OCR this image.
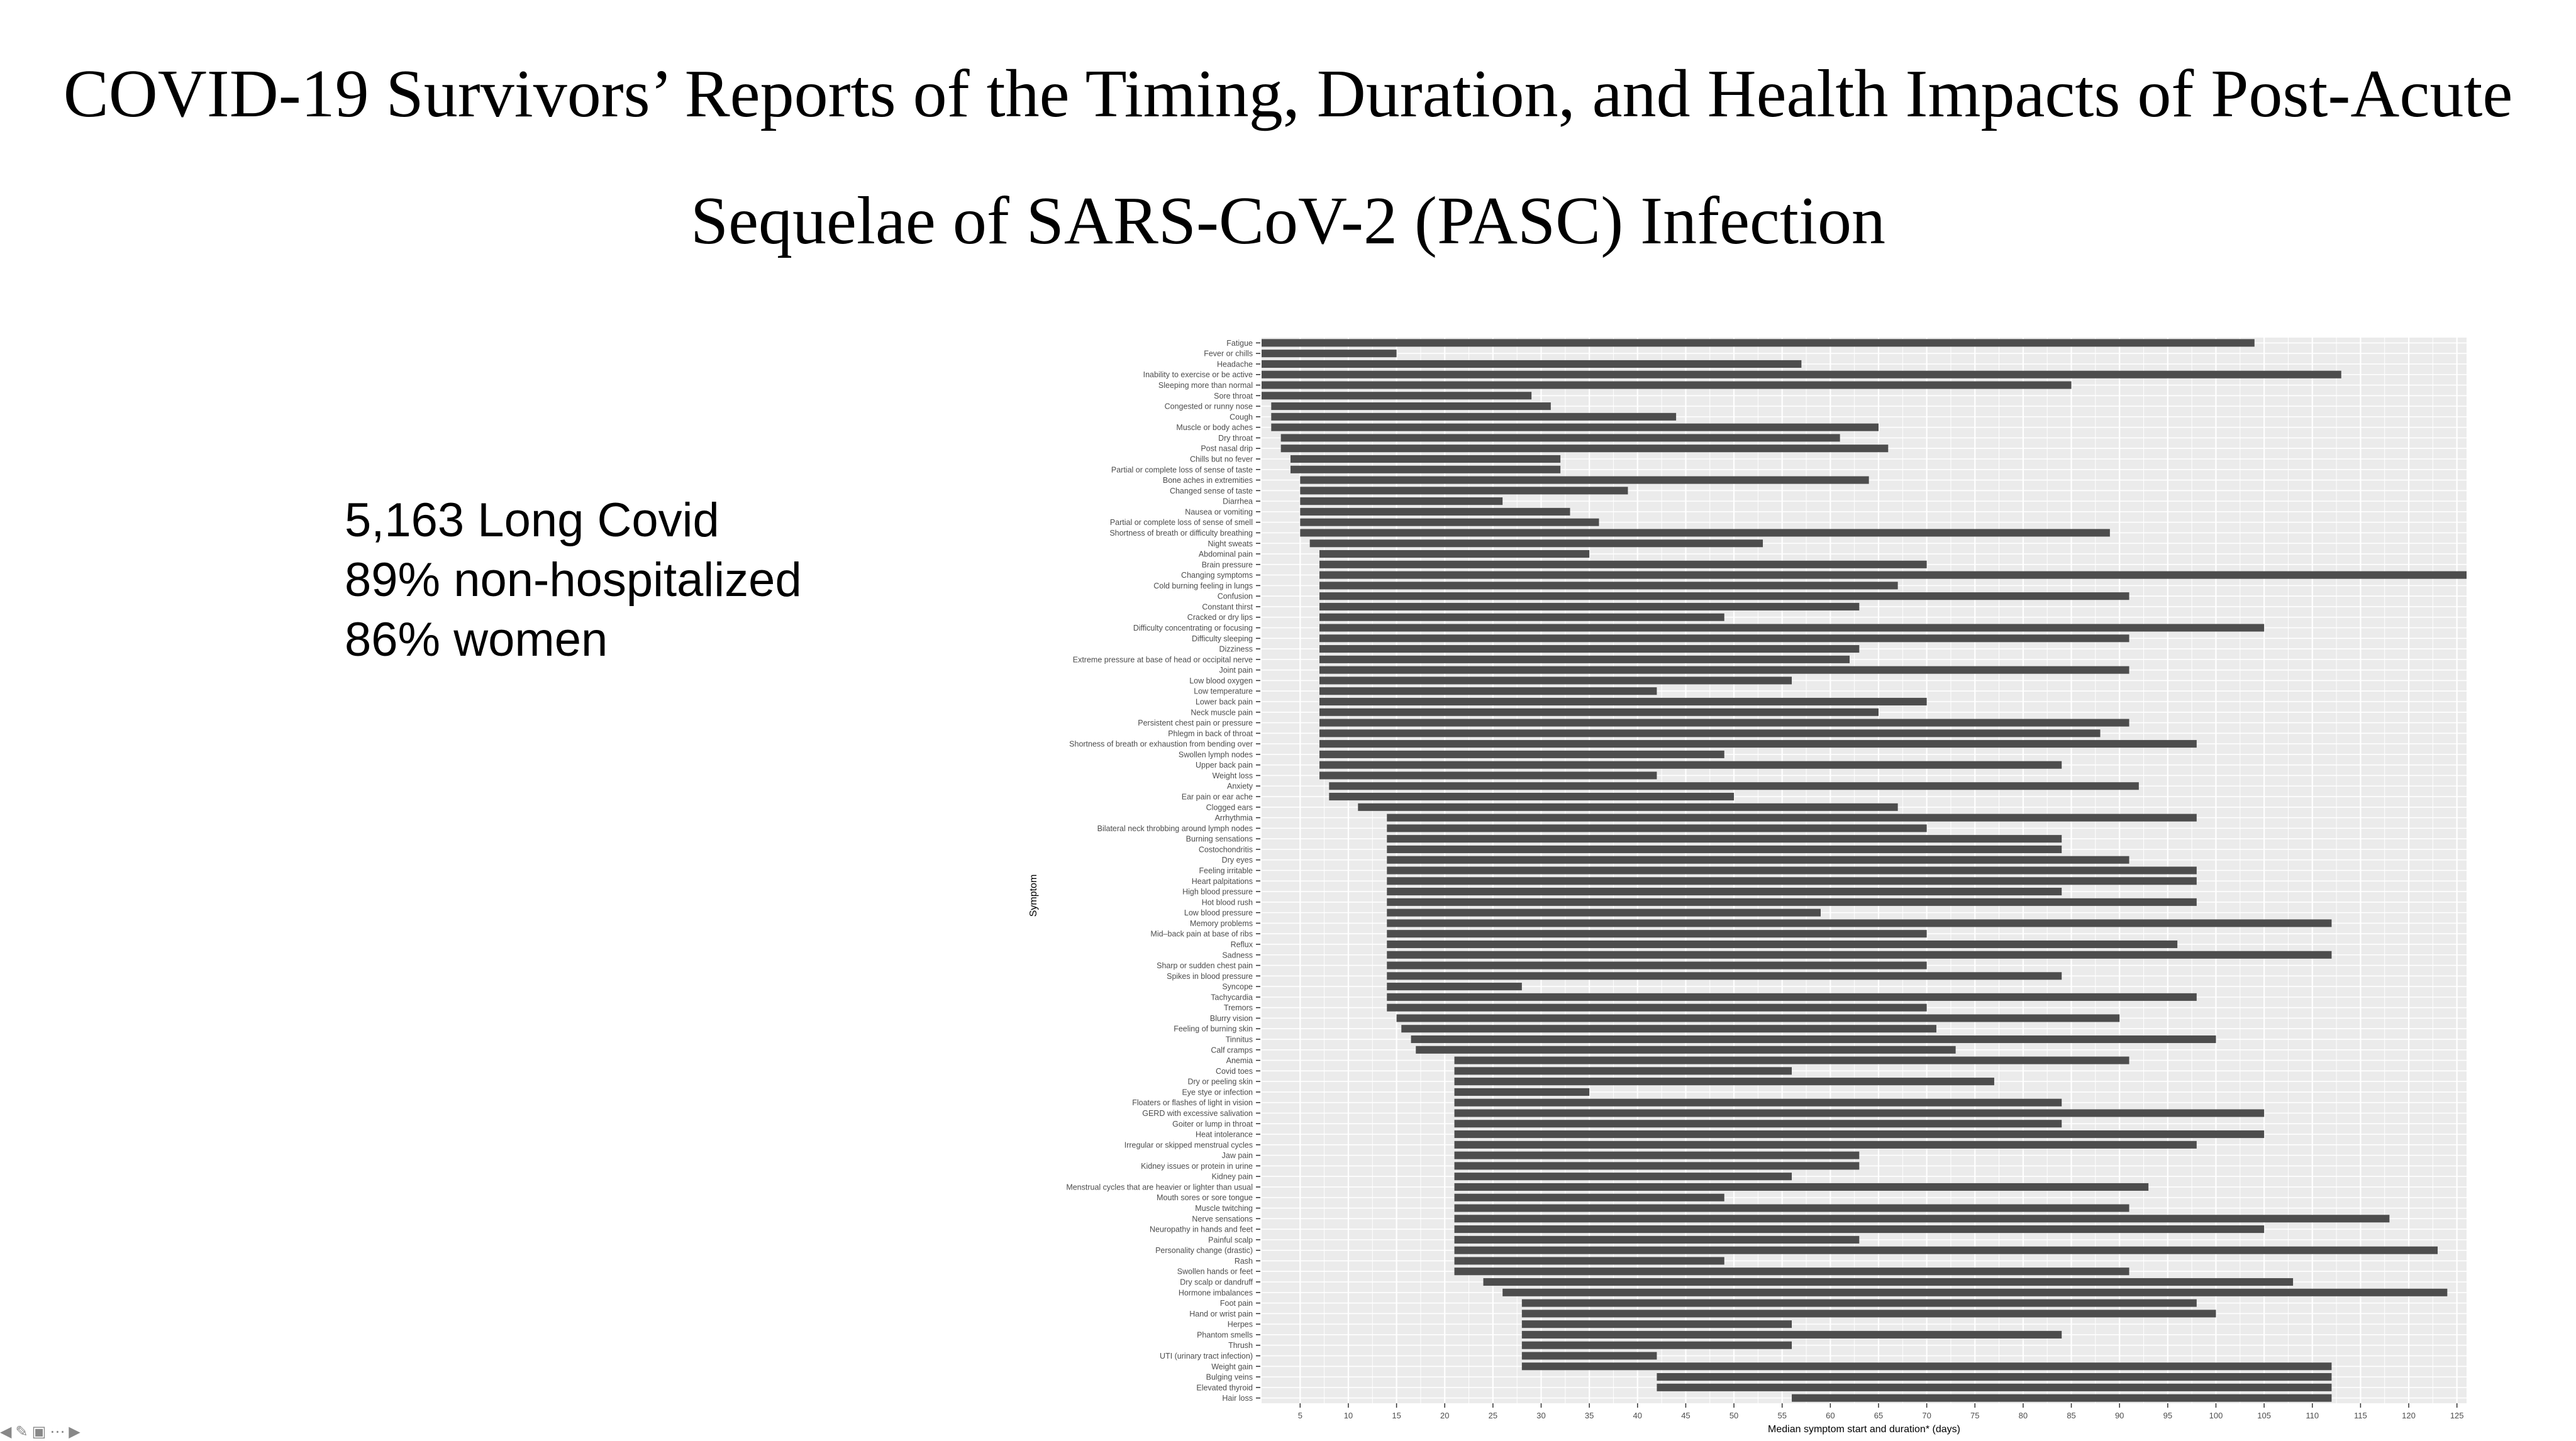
COVID-19 Survivors’ Reports of the Timing, Duration, and Health Impacts of Post-Acute
Sequelae of SARS-CoV-2 (PASC) Infection
5,163 Long Covid
89% non-hospitalized
86% women
Fatigue
Fever or chills
Headache
Inability to exercise or be active
Sleeping more than normal
Sore throat
Congested or runny nose
Cough
Muscle or body aches
Dry throat
Post nasal drip
Chills but no fever
Partial or complete loss of sense of taste
Bone aches in extremities
Changed sense of taste
Diarrhea
Nausea or vomiting
Partial or complete loss of sense of smell
Shortness of breath or difficulty breathing
Night sweats
Abdominal pain
Brain pressure
Changing symptoms
Cold burning feeling in lungs
Confusion
Constant thirst
Cracked or dry lips
Difficulty concentrating or focusing
Difficulty sleeping
Dizziness
Extreme pressure at base of head or occipital nerve
Joint pain
Low blood oxygen
Low temperature
Lower back pain
Neck muscle pain
Persistent chest pain or pressure
Phlegm in back of throat
Shortness of breath or exhaustion from bending over
Swollen lymph nodes
Upper back pain
Weight loss
Anxiety
Ear pain or ear ache
Clogged ears
Arrhythmia
Bilateral neck throbbing around lymph nodes
Burning sensations
Costochondritis
Dry eyes
Feeling irritable
Heart palpitations
High blood pressure
Hot blood rush
Low blood pressure
Memory problems
Mid–back pain at base of ribs
Reflux
Sadness
Sharp or sudden chest pain
Spikes in blood pressure
Syncope
Tachycardia
Tremors
Blurry vision
Feeling of burning skin
Tinnitus
Calf cramps
Anemia
Covid toes
Dry or peeling skin
Eye stye or infection
Floaters or flashes of light in vision
GERD with excessive salivation
Goiter or lump in throat
Heat intolerance
Irregular or skipped menstrual cycles
Jaw pain
Kidney issues or protein in urine
Kidney pain
Menstrual cycles that are heavier or lighter than usual
Mouth sores or sore tongue
Muscle twitching
Nerve sensations
Neuropathy in hands and feet
Painful scalp
Personality change (drastic)
Rash
Swollen hands or feet
Dry scalp or dandruff
Hormone imbalances
Foot pain
Hand or wrist pain
Herpes
Phantom smells
Thrush
UTI (urinary tract infection)
Weight gain
Bulging veins
Elevated thyroid
Hair loss
5	10	15	20	25	30	35	40	45	50	55	60	65	70	75	80	85	90	95	100	105	110	115	120	125
Median symptom start and duration* (days)
Symptom
◀ ✎ ▣ ⋯ ▶
